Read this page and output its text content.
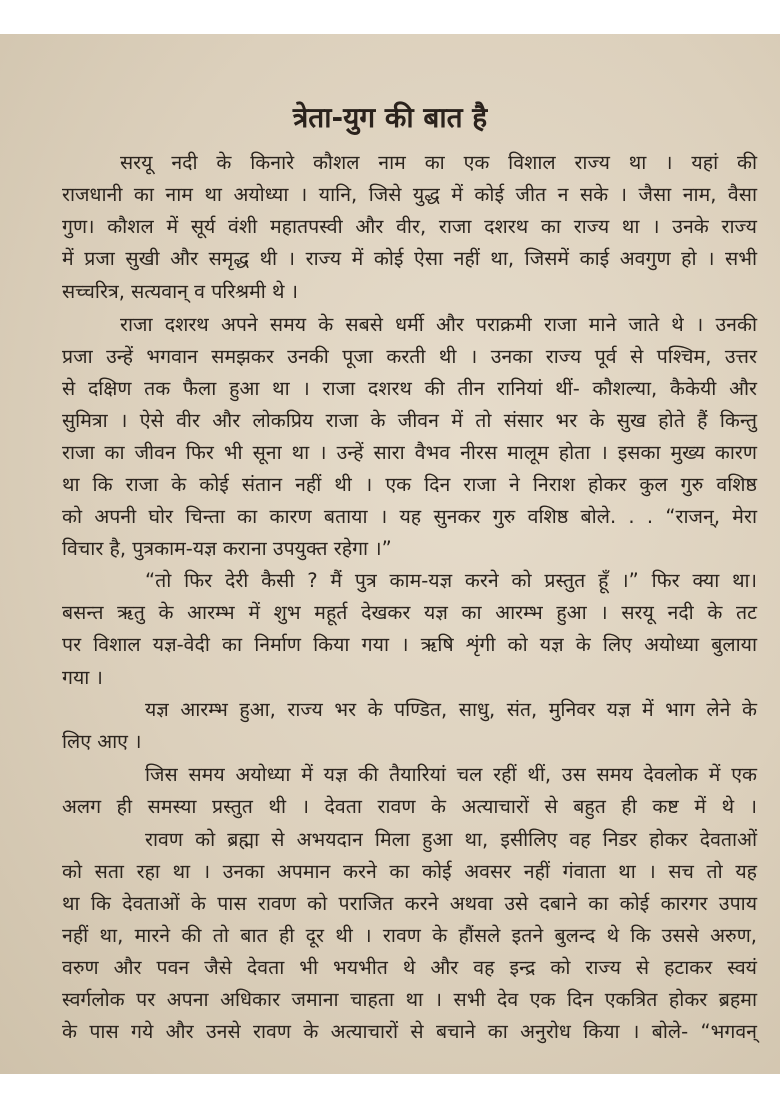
त्रेता-युग की बात है
सरयू नदी के किनारे कौशल नाम का एक विशाल राज्य था । यहां की
राजधानी का नाम था अयोध्या । यानि, जिसे युद्ध में कोई जीत न सके । जैसा नाम, वैसा
गुण। कौशल में सूर्य वंशी महातपस्वी और वीर, राजा दशरथ का राज्य था । उनके राज्य
में प्रजा सुखी और समृद्ध थी । राज्य में कोई ऐसा नहीं था, जिसमें काई अवगुण हो । सभी
सच्चरित्र, सत्यवान् व परिश्रमी थे ।
राजा दशरथ अपने समय के सबसे धर्मी और पराक्रमी राजा माने जाते थे । उनकी
प्रजा उन्हें भगवान समझकर उनकी पूजा करती थी । उनका राज्य पूर्व से पश्चिम, उत्तर
से दक्षिण तक फैला हुआ था । राजा दशरथ की तीन रानियां थीं- कौशल्या, कैकेयी और
सुमित्रा । ऐसे वीर और लोकप्रिय राजा के जीवन में तो संसार भर के सुख होते हैं किन्तु
राजा का जीवन फिर भी सूना था । उन्हें सारा वैभव नीरस मालूम होता । इसका मुख्य कारण
था कि राजा के कोई संतान नहीं थी । एक दिन राजा ने निराश होकर कुल गुरु वशिष्ठ
को अपनी घोर चिन्ता का कारण बताया । यह सुनकर गुरु वशिष्ठ बोले. . . “राजन्, मेरा
विचार है, पुत्रकाम-यज्ञ कराना उपयुक्त रहेगा ।”
“तो फिर देरी कैसी ? मैं पुत्र काम-यज्ञ करने को प्रस्तुत हूँ ।” फिर क्या था।
बसन्त ऋतु के आरम्भ में शुभ महूर्त देखकर यज्ञ का आरम्भ हुआ । सरयू नदी के तट
पर विशाल यज्ञ-वेदी का निर्माण किया गया । ऋषि शृंगी को यज्ञ के लिए अयोध्या बुलाया
गया ।
यज्ञ आरम्भ हुआ, राज्य भर के पण्डित, साधु, संत, मुनिवर यज्ञ में भाग लेने के
लिए आए ।
जिस समय अयोध्या में यज्ञ की तैयारियां चल रहीं थीं, उस समय देवलोक में एक
अलग ही समस्या प्रस्तुत थी । देवता रावण के अत्याचारों से बहुत ही कष्ट में थे ।
रावण को ब्रह्मा से अभयदान मिला हुआ था, इसीलिए वह निडर होकर देवताओं
को सता रहा था । उनका अपमान करने का कोई अवसर नहीं गंवाता था । सच तो यह
था कि देवताओं के पास रावण को पराजित करने अथवा उसे दबाने का कोई कारगर उपाय
नहीं था, मारने की तो बात ही दूर थी । रावण के हौंसले इतने बुलन्द थे कि उससे अरुण,
वरुण और पवन जैसे देवता भी भयभीत थे और वह इन्द्र को राज्य से हटाकर स्वयं
स्वर्गलोक पर अपना अधिकार जमाना चाहता था । सभी देव एक दिन एकत्रित होकर ब्रहमा
के पास गये और उनसे रावण के अत्याचारों से बचाने का अनुरोध किया । बोले- “भगवन्
